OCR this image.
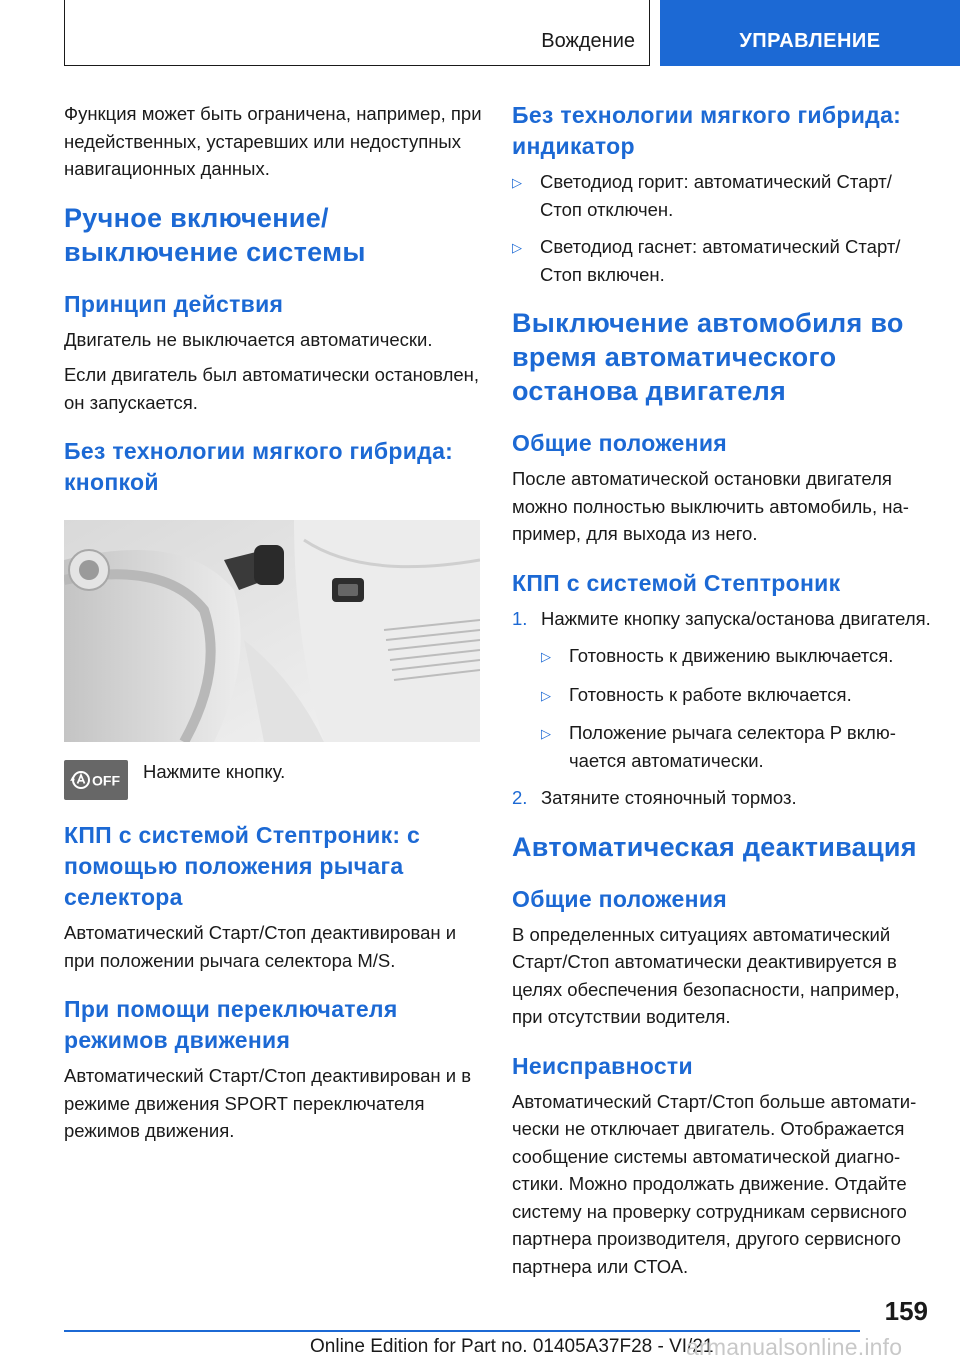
Вождение	УПРАВЛЕНИЕ

Функция может быть ограничена, например, при недейственных, устаревших или недоступных навигационных данных.

Ручное включение/выключение системы
Принцип действия

Двигатель не выключается автоматически.

Если двигатель был автоматически остановлен, он запускается.

Без технологии мягкого гибрида: кнопкой
OFF Нажмите кнопку.
КПП с системой Стептроник: с помощью положения рычага селектора

Автоматический Старт/Стоп деактивирован и при положении рычага селектора M/S.

При помощи переключателя режимов движения

Автоматический Старт/Стоп деактивирован и в режиме движения SPORT переключателя режимов движения.

Без технологии мягкого гибрида: индикатор
▷ Светодиод горит: автоматический Старт/ Стоп отключен.
▷ Светодиод гаснет: автоматический Старт/ Стоп включен.
Выключение автомобиля во время автоматического останова двигателя
Общие положения

После автоматической остановки двигателя можно полностью выключить автомобиль, например, для выхода из него.

КПП с системой Стептроник
1. Нажмите кнопку запуска/останова двигателя.
▷ Готовность к движению выключается.
▷ Готовность к работе включается.
▷ Положение рычага селектора P включается автоматически.
2. Затяните стояночный тормоз.
Автоматическая деактивация
Общие положения

В определенных ситуациях автоматический Старт/Стоп автоматически деактивируется в целях обеспечения безопасности, например, при отсутствии водителя.

Неисправности

Автоматический Старт/Стоп больше автоматически не отключает двигатель. Отображается сообщение системы автоматической диагностики. Можно продолжать движение. Отдайте систему на проверку сотрудникам сервисного партнера производителя, другого сервисного партнера или СТОА.

159
Online Edition for Part no. 01405A37F28 - VI/21
armanualsonline.info
